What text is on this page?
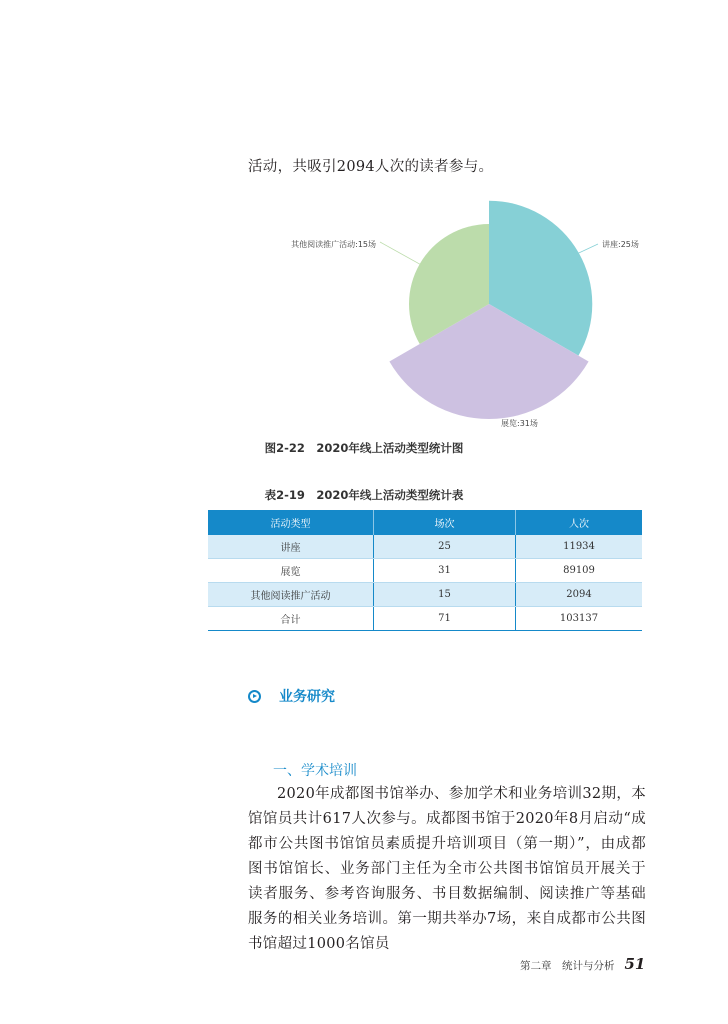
活动，共吸引2094人次的读者参与。
讲座:25场
展览:31场
其他阅读推广活动:15场
图2-22　2020年线上活动类型统计图
表2-19　2020年线上活动类型统计表
活动类型	场次	人次
讲座	25	11934
展览	31	89109
其他阅读推广活动	15	2094
合计	71	103137
业务研究
一、学术培训
2020年成都图书馆举办、参加学术和业务培训32期，本馆馆员共计617人次参与。成都图书馆于2020年8月启动“成都市公共图书馆馆员素质提升培训项目（第一期）”，由成都图书馆馆长、业务部门主任为全市公共图书馆馆员开展关于读者服务、参考咨询服务、书目数据编制、阅读推广等基础服务的相关业务培训。第一期共举办7场，来自成都市公共图书馆超过1000名馆员
第二章　统计与分析 51
